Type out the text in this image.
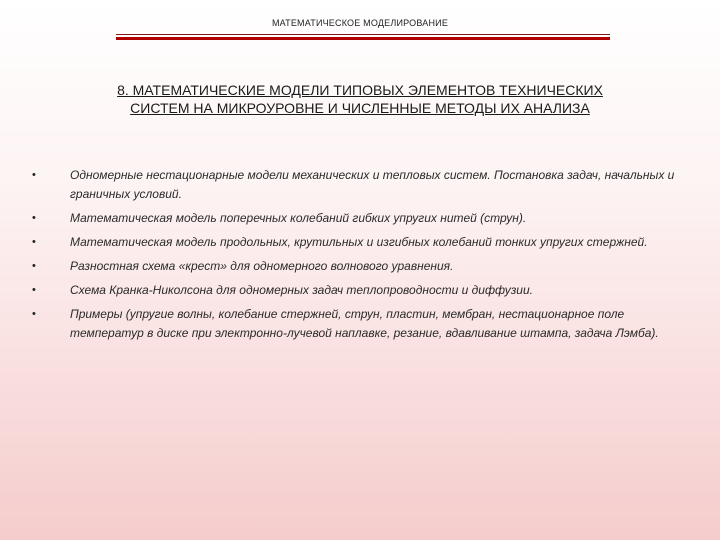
МАТЕМАТИЧЕСКОЕ МОДЕЛИРОВАНИЕ
8. МАТЕМАТИЧЕСКИЕ МОДЕЛИ ТИПОВЫХ ЭЛЕМЕНТОВ ТЕХНИЧЕСКИХ
СИСТЕМ НА МИКРОУРОВНЕ И ЧИСЛЕННЫЕ МЕТОДЫ ИХ АНАЛИЗА
•	Одномерные нестационарные модели механических и тепловых систем. Постановка задач, начальных и граничных условий.
•	Математическая модель поперечных колебаний гибких упругих нитей (струн).
•	Математическая модель продольных, крутильных и изгибных колебаний тонких упругих стержней.
•	Разностная схема «крест» для одномерного волнового уравнения.
•	Схема Кранка-Николсона для одномерных задач теплопроводности и диффузии.
•	Примеры (упругие волны, колебание стержней, струн, пластин, мембран, нестационарное поле температур в диске при электронно-лучевой наплавке, резание, вдавливание штампа, задача Лэмба).
